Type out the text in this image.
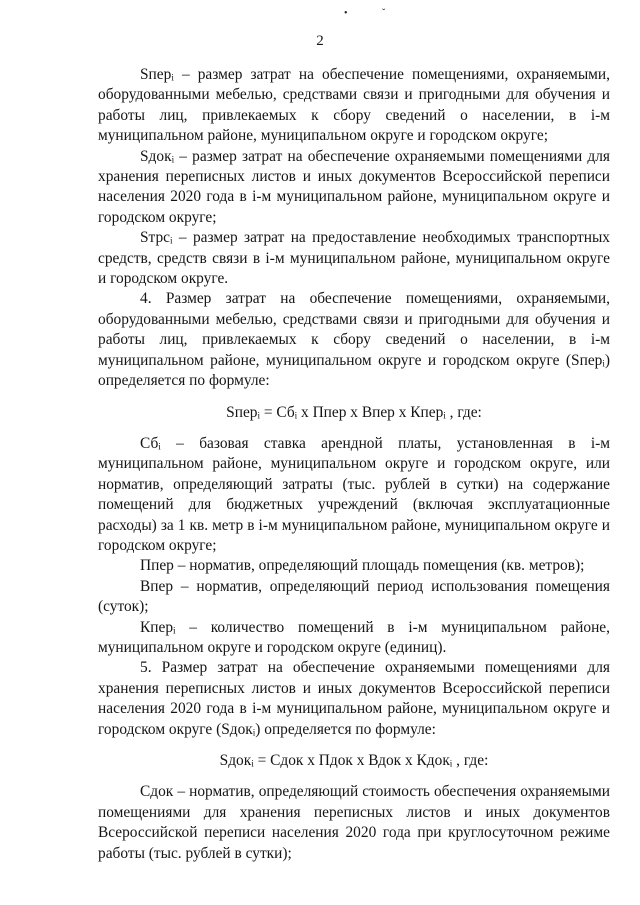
• ˇ
2

Sперᵢ – размер затрат на обеспечение помещениями, охраняемыми, оборудованными мебелью, средствами связи и пригодными для обучения и работы лиц, привлекаемых к сбору сведений о населении, в i-м муниципальном районе, муниципальном округе и городском округе;

Sдокᵢ – размер затрат на обеспечение охраняемыми помещениями для хранения переписных листов и иных документов Всероссийской переписи населения 2020 года в i-м муниципальном районе, муниципальном округе и городском округе;

Sтрсᵢ – размер затрат на предоставление необходимых транспортных средств, средств связи в i-м муниципальном районе, муниципальном округе и городском округе.

4. Размер затрат на обеспечение помещениями, охраняемыми, оборудованными мебелью, средствами связи и пригодными для обучения и работы лиц, привлекаемых к сбору сведений о населении, в i-м муниципальном районе, муниципальном округе и городском округе (Sперᵢ) определяется по формуле:

Sперᵢ = Сбᵢ х Ппер х Впер х Кперᵢ , где:

Сбᵢ – базовая ставка арендной платы, установленная в i-м муниципальном районе, муниципальном округе и городском округе, или норматив, определяющий затраты (тыс. рублей в сутки) на содержание помещений для бюджетных учреждений (включая эксплуатационные расходы) за 1 кв. метр в i-м муниципальном районе, муниципальном округе и городском округе;

Ппер – норматив, определяющий площадь помещения (кв. метров);

Впер – норматив, определяющий период использования помещения (суток);

Кперᵢ – количество помещений в i-м муниципальном районе, муниципальном округе и городском округе (единиц).

5. Размер затрат на обеспечение охраняемыми помещениями для хранения переписных листов и иных документов Всероссийской переписи населения 2020 года в i-м муниципальном районе, муниципальном округе и городском округе (Sдокᵢ) определяется по формуле:

Sдокᵢ = Сдок х Пдок х Вдок х Кдокᵢ , где:

Сдок – норматив, определяющий стоимость обеспечения охраняемыми помещениями для хранения переписных листов и иных документов Всероссийской переписи населения 2020 года при круглосуточном режиме работы (тыс. рублей в сутки);
